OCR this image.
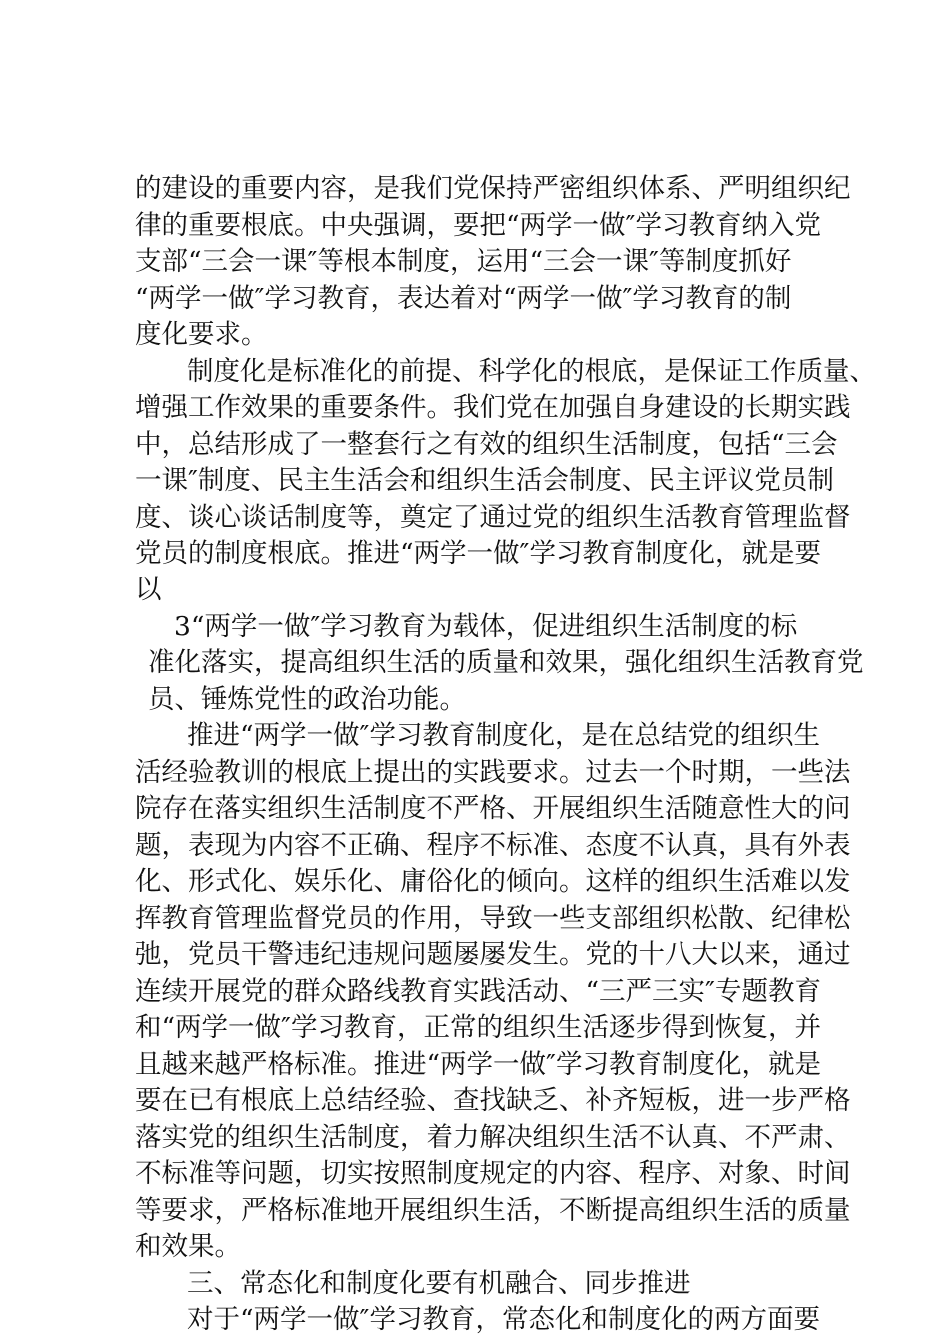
的建设的重要内容，是我们党保持严密组织体系、严明组织纪
律的重要根底。中央强调，要把“两学一做″学习教育纳入党
支部“三会一课″等根本制度，运用“三会一课″等制度抓好
“两学一做″学习教育，表达着对“两学一做″学习教育的制
度化要求。
制度化是标准化的前提、科学化的根底，是保证工作质量、
增强工作效果的重要条件。我们党在加强自身建设的长期实践
中，总结形成了一整套行之有效的组织生活制度，包括“三会
一课″制度、民主生活会和组织生活会制度、民主评议党员制
度、谈心谈话制度等，奠定了通过党的组织生活教育管理监督
党员的制度根底。推进“两学一做″学习教育制度化，就是要
以
3“两学一做″学习教育为载体，促进组织生活制度的标
准化落实，提高组织生活的质量和效果，强化组织生活教育党
员、锤炼党性的政治功能。
推进“两学一做″学习教育制度化，是在总结党的组织生
活经验教训的根底上提出的实践要求。过去一个时期，一些法
院存在落实组织生活制度不严格、开展组织生活随意性大的问
题，表现为内容不正确、程序不标准、态度不认真，具有外表
化、形式化、娱乐化、庸俗化的倾向。这样的组织生活难以发
挥教育管理监督党员的作用，导致一些支部组织松散、纪律松
弛，党员干警违纪违规问题屡屡发生。党的十八大以来，通过
连续开展党的群众路线教育实践活动、“三严三实″专题教育
和“两学一做″学习教育，正常的组织生活逐步得到恢复，并
且越来越严格标准。推进“两学一做″学习教育制度化，就是
要在已有根底上总结经验、查找缺乏、补齐短板，进一步严格
落实党的组织生活制度，着力解决组织生活不认真、不严肃、
不标准等问题，切实按照制度规定的内容、程序、对象、时间
等要求，严格标准地开展组织生活，不断提高组织生活的质量
和效果。
三、常态化和制度化要有机融合、同步推进
对于“两学一做″学习教育，常态化和制度化的两方面要
